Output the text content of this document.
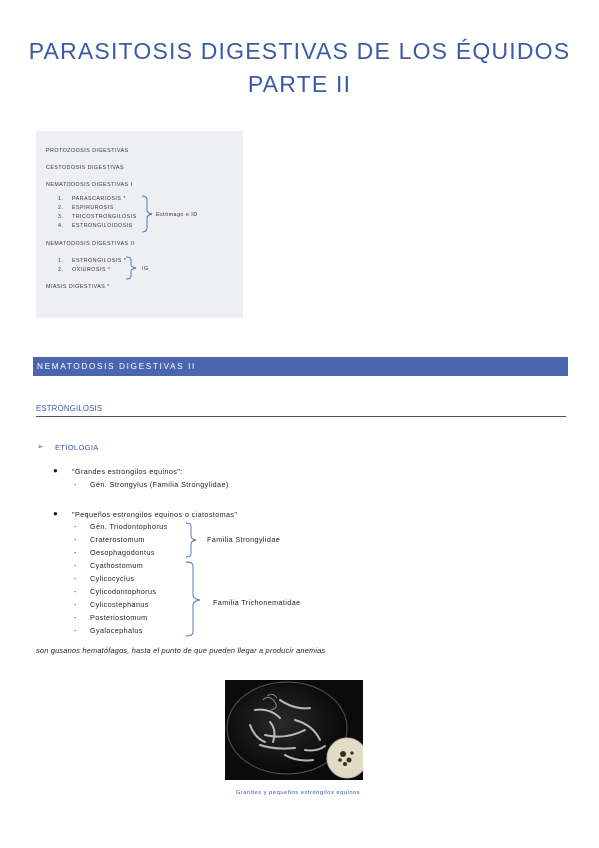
PARASITOSIS DIGESTIVAS DE LOS ÉQUIDOS
PARTE II
PROTOZOOSIS DIGESTIVAS
CESTODOSIS DIGESTIVAS
NEMATODOSIS DIGESTIVAS I
1. PARASCARIOSIS *
2. ESPIRUROSIS
3. TRICOSTRONGILOSIS
4. ESTRONGILOIDOSIS
Estómago e ID
NEMATODOSIS DIGESTIVAS II
1. ESTRONGILOSIS *
2. OXIUROSIS *	IG
MIASIS DIGESTIVAS *
NEMATODOSIS DIGESTIVAS II
ESTRONGILOSIS
➢ ETIOLOGIA
● "Grandes estrongilos equinos":
- Gén. Strongylus (Familia Strongylidae)
● "Pequeños estrongilos equinos o ciatostomas"
- Gén. Triodontophorus
- Craterostomum
- Oesophagodontus
Familia Strongylidae
- Cyathostomum
- Cylicocyclus
- Cylicodontophorus
- Cylicostephanus
- Posteriostomum
- Gyalocephalus
Familia Trichonematidae
son gusanos hematófagos, hasta el punto de que pueden llegar a producir anemias
Grandes y pequeños estróngilos equinos
